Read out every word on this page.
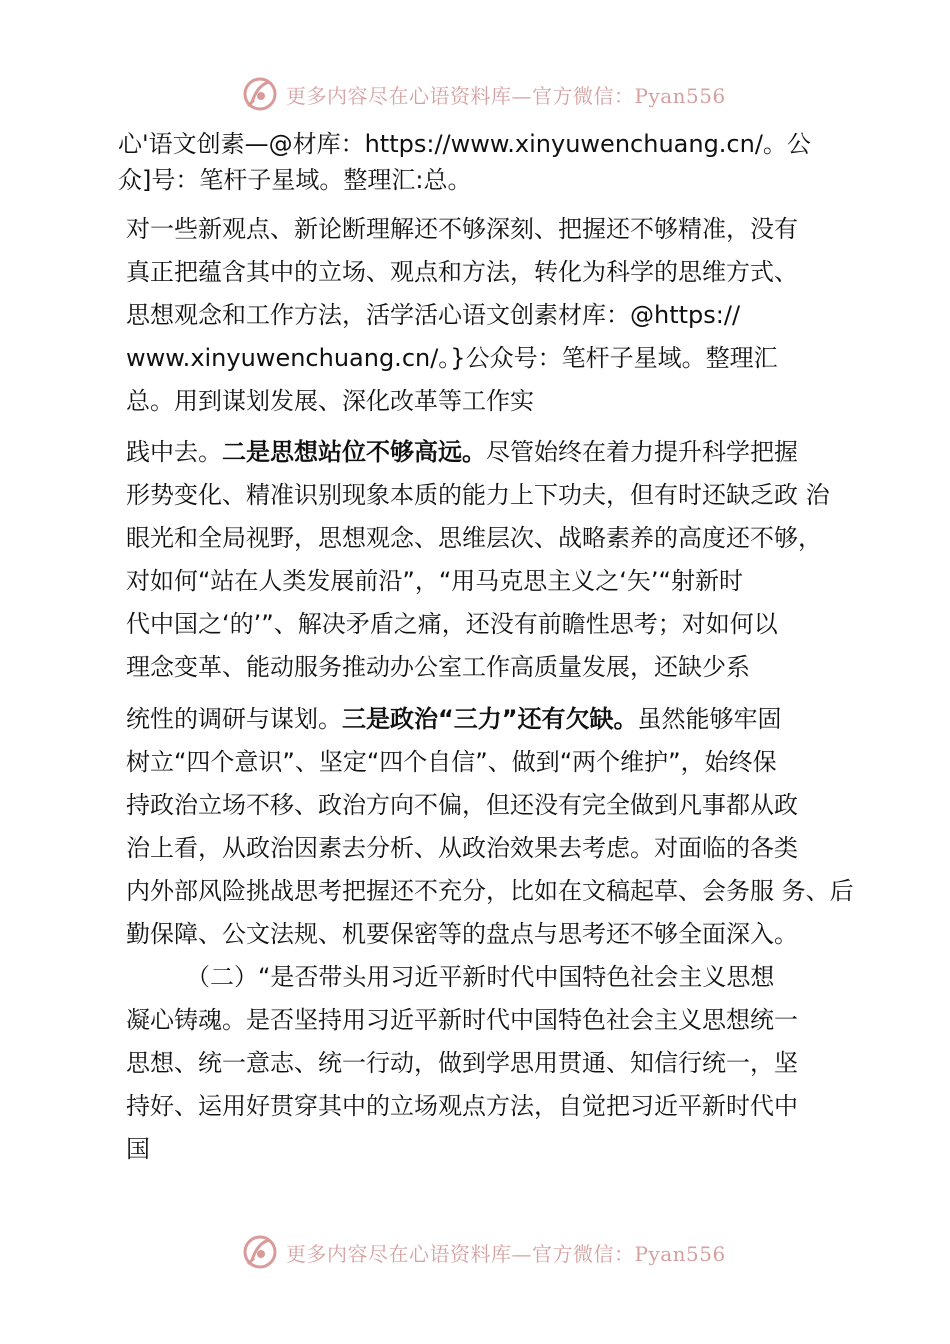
更多内容尽在心语资料库—官方微信：Pyan556
心'语文创素—@材库：https://www.xinyuwenchuang.cn/。公
众]号：笔杆子星域。整理汇:总。
对一些新观点、新论断理解还不够深刻、把握还不够精准，没有
真正把蕴含其中的立场、观点和方法，转化为科学的思维方式、
思想观念和工作方法，活学活心语文创素材库：@https://
www.xinyuwenchuang.cn/。}公众号：笔杆子星域。整理汇
总。用到谋划发展、深化改革等工作实
践中去。二是思想站位不够高远。尽管始终在着力提升科学把握
形势变化、精准识别现象本质的能力上下功夫，但有时还缺乏政 治
眼光和全局视野，思想观念、思维层次、战略素养的高度还不够，
对如何“站在人类发展前沿”，“用马克思主义之‘矢’“射新时
代中国之‘的’”、解决矛盾之痛，还没有前瞻性思考；对如何以
理念变革、能动服务推动办公室工作高质量发展，还缺少系
统性的调研与谋划。三是政治“三力”还有欠缺。虽然能够牢固
树立“四个意识”、坚定“四个自信”、做到“两个维护”，始终保
持政治立场不移、政治方向不偏，但还没有完全做到凡事都从政
治上看，从政治因素去分析、从政治效果去考虑。对面临的各类
内外部风险挑战思考把握还不充分，比如在文稿起草、会务服 务、后
勤保障、公文法规、机要保密等的盘点与思考还不够全面深入。
（二）“是否带头用习近平新时代中国特色社会主义思想
凝心铸魂。是否坚持用习近平新时代中国特色社会主义思想统一
思想、统一意志、统一行动，做到学思用贯通、知信行统一，坚
持好、运用好贯穿其中的立场观点方法，自觉把习近平新时代中
国
更多内容尽在心语资料库—官方微信：Pyan556
